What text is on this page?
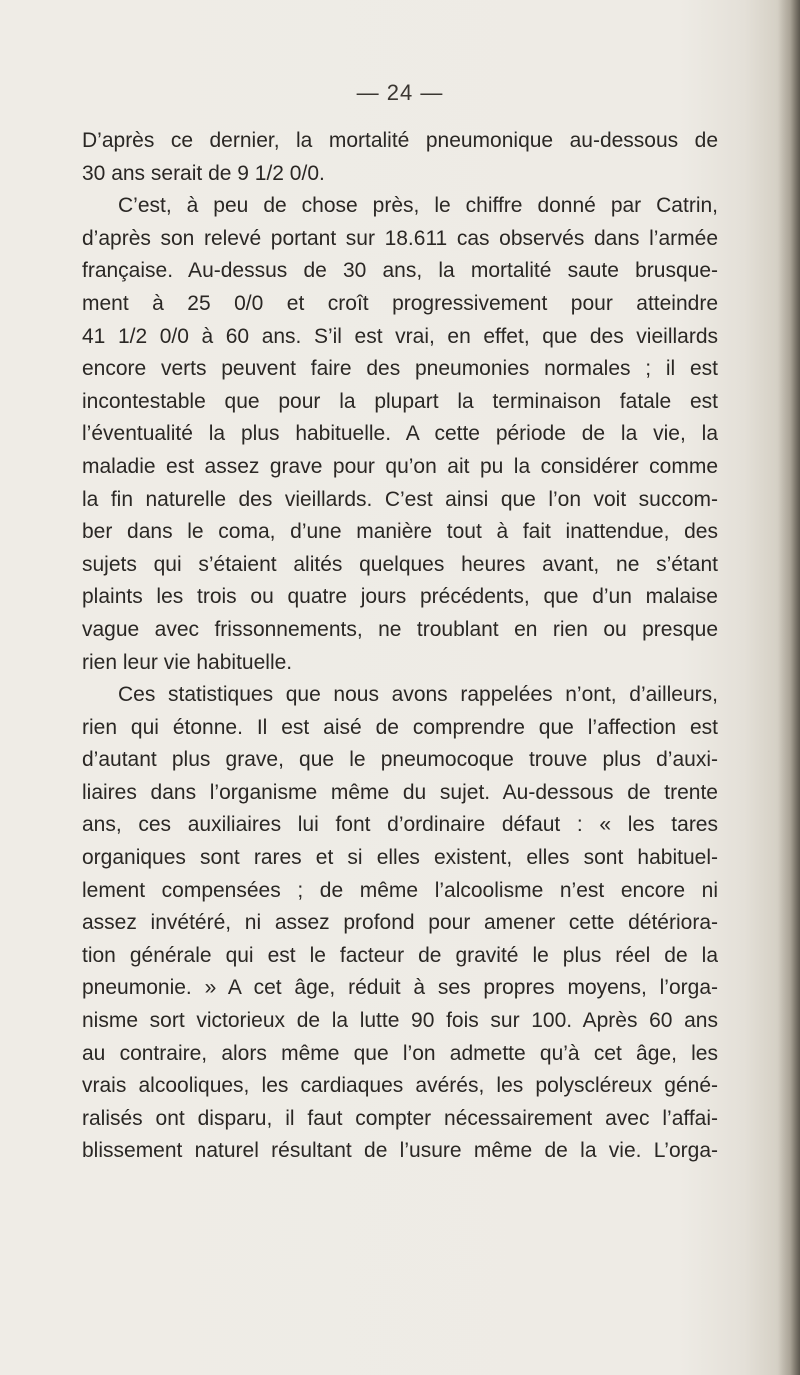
— 24 —
D’après ce dernier, la mortalité pneumonique au-dessous de
30 ans serait de 9 1/2 0/0.
C’est, à peu de chose près, le chiffre donné par Catrin,
d’après son relevé portant sur 18.611 cas observés dans l’armée
française. Au-dessus de 30 ans, la mortalité saute brusque-
ment à 25 0/0 et croît progressivement pour atteindre
41 1/2 0/0 à 60 ans. S’il est vrai, en effet, que des vieillards
encore verts peuvent faire des pneumonies normales ; il est
incontestable que pour la plupart la terminaison fatale est
l’éventualité la plus habituelle. A cette période de la vie, la
maladie est assez grave pour qu’on ait pu la considérer comme
la fin naturelle des vieillards. C’est ainsi que l’on voit succom-
ber dans le coma, d’une manière tout à fait inattendue, des
sujets qui s’étaient alités quelques heures avant, ne s’étant
plaints les trois ou quatre jours précédents, que d’un malaise
vague avec frissonnements, ne troublant en rien ou presque
rien leur vie habituelle.
Ces statistiques que nous avons rappelées n’ont, d’ailleurs,
rien qui étonne. Il est aisé de comprendre que l’affection est
d’autant plus grave, que le pneumocoque trouve plus d’auxi-
liaires dans l’organisme même du sujet. Au-dessous de trente
ans, ces auxiliaires lui font d’ordinaire défaut : « les tares
organiques sont rares et si elles existent, elles sont habituel-
lement compensées ; de même l’alcoolisme n’est encore ni
assez invétéré, ni assez profond pour amener cette détériora-
tion générale qui est le facteur de gravité le plus réel de la
pneumonie. » A cet âge, réduit à ses propres moyens, l’orga-
nisme sort victorieux de la lutte 90 fois sur 100. Après 60 ans
au contraire, alors même que l’on admette qu’à cet âge, les
vrais alcooliques, les cardiaques avérés, les polyscléreux géné-
ralisés ont disparu, il faut compter nécessairement avec l’affai-
blissement naturel résultant de l’usure même de la vie. L’orga-
